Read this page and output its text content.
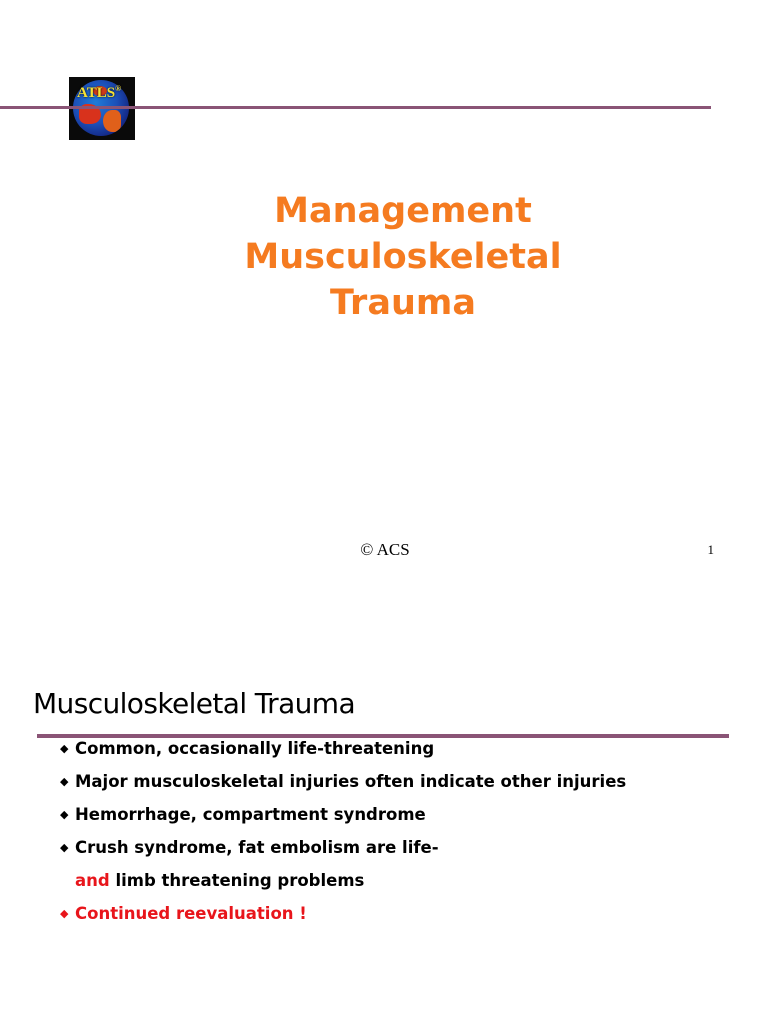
ATLS®
Management
Musculoskeletal
Trauma
© ACS	1
Musculoskeletal Trauma
◆ Common, occasionally life-threatening
◆ Major musculoskeletal injuries often indicate other injuries
◆ Hemorrhage, compartment syndrome
◆ Crush syndrome, fat embolism are life-
and limb threatening problems
◆ Continued reevaluation !
